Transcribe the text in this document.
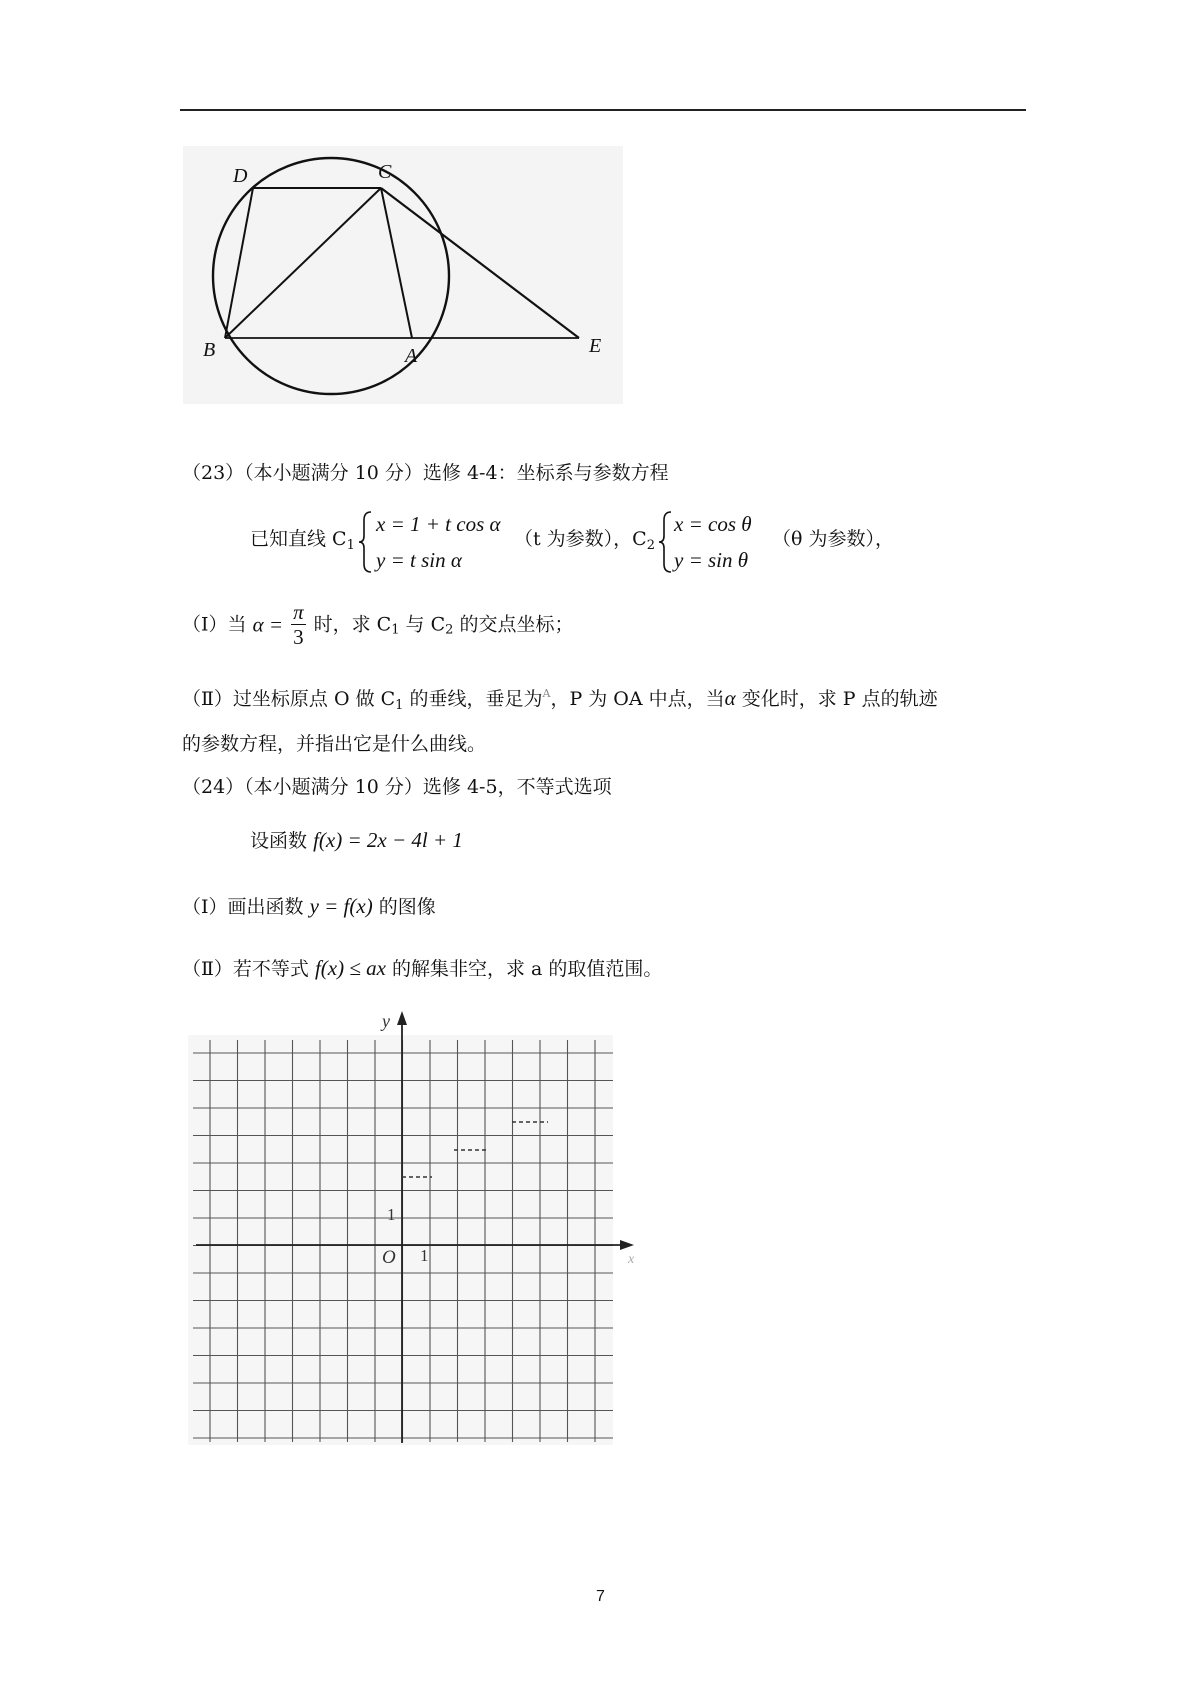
D	C
B	A	E
（23）（本小题满分 10 分）选修 4-4：坐标系与参数方程
已知直线 $C_1$
x = 1 + t cos α
y = t sin α
（t 为参数），$C_2$
x = cos θ
y = sin θ
（θ 为参数），
（Ⅰ）当 $\alpha = \frac{\pi}{3}$ 时，求 $C_1$ 与 $C_2$ 的交点坐标；
（Ⅱ）过坐标原点 O 做 $C_1$ 的垂线，垂足为$^A$，P 为 OA 中点，当α 变化时，求 P 点的轨迹
的参数方程，并指出它是什么曲线。
（24）（本小题满分 10 分）选修 4-5，不等式选项
设函数 f(x) = 2x − 4l + 1
（Ⅰ）画出函数 y = f(x) 的图像
（Ⅱ）若不等式 f(x) ≤ ax 的解集非空，求 a 的取值范围。
y
x
O 1
1
7
